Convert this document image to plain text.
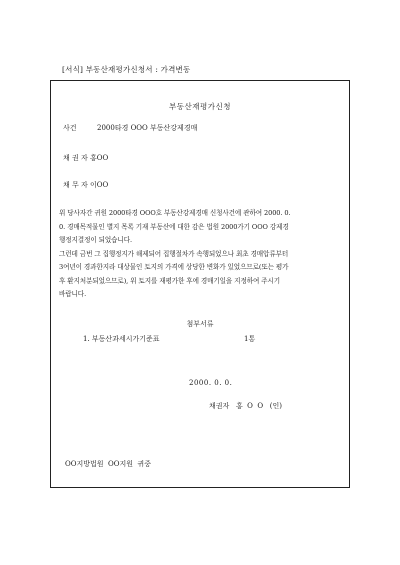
[서식] 부동산재평가신청서 : 가격변동
부동산재평가신청
사건	2000타경 OOO 부동산강제경매
채 권 자 홍OO
채 무 자 이OO

위 당사자간 귀원 2000타경 OOO호 부동산강제경매 신청사건에 관하여 2000. 0.

0. 경매목적물인 별지 목록 기재 부동산에 대한 감은 법원 2000가기 OOO 강제경

행정지결정이 되었습니다.

그런데 금번 그 집행정지가 해제되어 집행절차가 속행되었으나 최초 경매압류부터

3여년이 경과한지라 대상물인 토지의 가격에 상당한 변화가 있었으므로(또는 평가

후 환지처분되었으므로), 위 토지를 재평가한 후에 경매기일을 지정하여 주시기

바랍니다.

첨부서류
1. 부동산과세시가기준표	1통
2000. 0. 0.
채권자   홍  O  O   (인)
OO지방법원  OO지원  귀중
